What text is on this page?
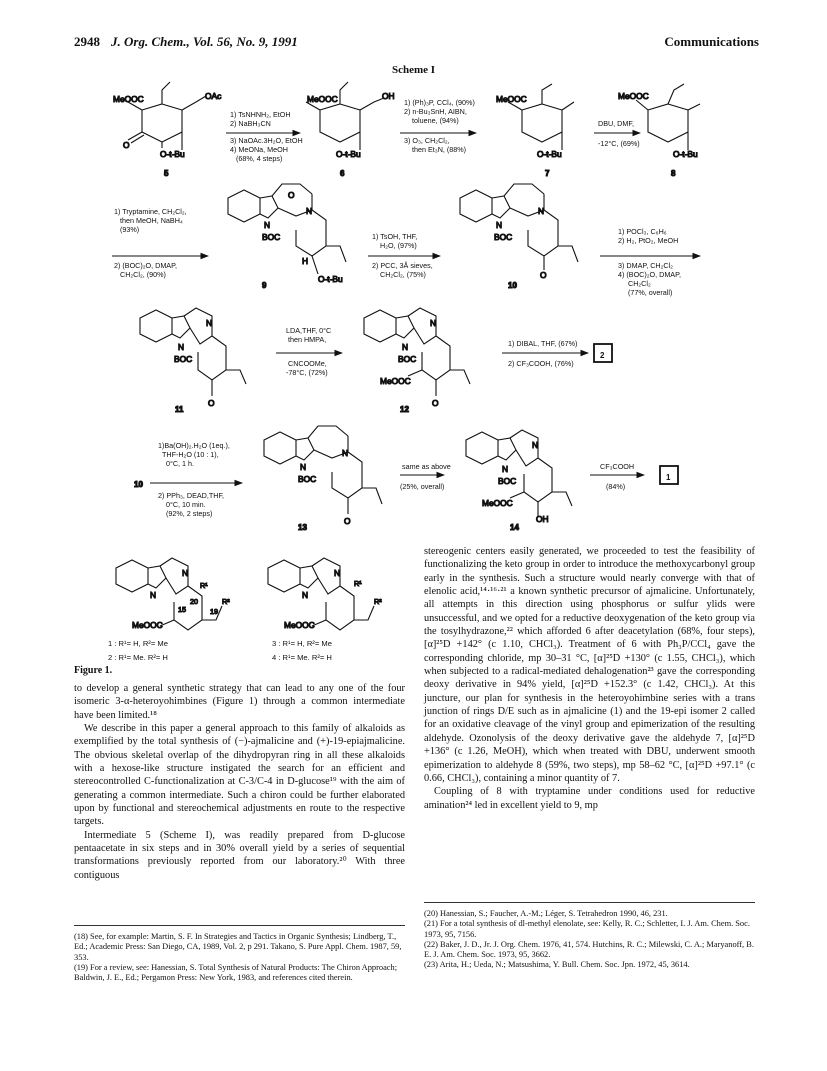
2948 J. Org. Chem., Vol. 56, No. 9, 1991	Communications
Scheme I
MeOOC	OAc
O
O-t-Bu
5
MeOOC	OH
O-t-Bu
6
MeOOC
O-t-Bu
7
MeOOC
O-t-Bu
8
N
BOC
N
O
H
O-t-Bu
9
N
BOC
N
O
10
N
BOC
N
O
11
N
BOC
N
MeOOC
O
12
10
N
BOC
N
O
13
N
BOC
N
MeOOC
OH
14
N
N
MeOOC
R¹
R²
15
20
19
N
N
MeOOC
R¹
R²
1) TsNHNH₂, EtOH
2) NaBH₃CN
3) NaOAc.3H₂O, EtOH
4) MeONa, MeOH
(68%, 4 steps)
1) (Ph)₃P, CCl₄, (90%)
2) n-Bu₃SnH, AIBN,
toluene, (94%)
3) O₃, CH₂Cl₂,
then Et₃N, (88%)
DBU, DMF,
-12°C, (69%)
1) Tryptamine, CH₂Cl₂,
then MeOH, NaBH₄
(93%)
2) (BOC)₂O, DMAP,
CH₂Cl₂, (90%)
1) TsOH, THF,
H₂O, (97%)
2) PCC, 3Å sieves,
CH₂Cl₂, (75%)
1) POCl₃, C₆H₆
2) H₂, PtO₂, MeOH
3) DMAP, CH₂Cl₂
4) (BOC)₂O, DMAP,
CH₂Cl₂
(77%, overall)
LDA,THF, 0°C
then HMPA,
CNCOOMe,
-78°C, (72%)
1) DIBAL, THF, (67%)
2) CF₃COOH, (76%)
1)Ba(OH)₂.H₂O (1eq.),
THF-H₂O (10 : 1),
0°C, 1 h.
2) PPh₃, DEAD,THF,
0°C, 10 min.
(92%, 2 steps)
same as above
(25%, overall)
CF₃COOH
(84%)
2
1
1 : R¹= H, R²= Me
2 : R¹= Me, R²= H
3 : R¹= H, R²= Me
4 : R¹= Me, R²= H
Figure 1.

to develop a general synthetic strategy that can lead to any one of the four isomeric 3-α-heteroyohimbines (Figure 1) through a common intermediate have been limited.¹⁸

We describe in this paper a general approach to this family of alkaloids as exemplified by the total synthesis of (−)-ajmalicine and (+)-19-epiajmalicine. The obvious skeletal overlap of the dihydropyran ring in all these alkaloids with a hexose-like structure instigated the search for an efficient and stereocontrolled C-functionalization at C-3/C-4 in D-glucose¹⁹ with the aim of generating a common intermediate. Such a chiron could be further elaborated upon by functional and stereochemical adjustments en route to the respective targets.

Intermediate 5 (Scheme I), was readily prepared from D-glucose pentaacetate in six steps and in 30% overall yield by a series of sequential transformations previously reported from our laboratory.²⁰ With three contiguous

stereogenic centers easily generated, we proceeded to test the feasibility of functionalizing the keto group in order to introduce the methoxycarbonyl group early in the synthesis. Such a structure would nearly converge with that of elenolic acid,¹⁴·¹⁶·²¹ a known synthetic precursor of ajmalicine. Unfortunately, all attempts in this direction using phosphorus or sulfur ylids were unsuccessful, and we opted for a reductive deoxygenation of the keto group via the tosylhydrazone,²² which afforded 6 after deacetylation (68%, four steps), [α]²⁵D +142° (c 1.10, CHCl₃). Treatment of 6 with Ph₃P/CCl₄ gave the corresponding chloride, mp 30–31 °C, [α]²⁵D +130° (c 1.55, CHCl₃), which when subjected to a radical-mediated dehalogenation²³ gave the corresponding deoxy derivative in 94% yield, [α]²⁵D +152.3° (c 1.42, CHCl₃). At this juncture, our plan for synthesis in the heteroyohimbine series with a trans junction of rings D/E such as in ajmalicine (1) and the 19-epi isomer 2 called for an oxidative cleavage of the vinyl group and epimerization of the resulting aldehyde. Ozonolysis of the deoxy derivative gave the aldehyde 7, [α]²⁵D +136° (c 1.26, MeOH), which when treated with DBU, underwent smooth epimerization to aldehyde 8 (59%, two steps), mp 58–62 °C, [α]²⁵D +97.1° (c 0.66, CHCl₃), containing a minor quantity of 7.

Coupling of 8 with tryptamine under conditions used for reductive amination²⁴ led in excellent yield to 9, mp

(18) See, for example: Martin, S. F. In Strategies and Tactics in Organic Synthesis; Lindberg, T., Ed.; Academic Press: San Diego, CA, 1989, Vol. 2, p 291. Takano, S. Pure Appl. Chem. 1987, 59, 353.

(19) For a review, see: Hanessian, S. Total Synthesis of Natural Products: The Chiron Approach; Baldwin, J. E., Ed.; Pergamon Press: New York, 1983, and references cited therein.

(20) Hanessian, S.; Faucher, A.-M.; Léger, S. Tetrahedron 1990, 46, 231.

(21) For a total synthesis of dl-methyl elenolate, see: Kelly, R. C.; Schletter, I. J. Am. Chem. Soc. 1973, 95, 7156.

(22) Baker, J. D., Jr. J. Org. Chem. 1976, 41, 574. Hutchins, R. C.; Milewski, C. A.; Maryanoff, B. E. J. Am. Chem. Soc. 1973, 95, 3662.

(23) Arita, H.; Ueda, N.; Matsushima, Y. Bull. Chem. Soc. Jpn. 1972, 45, 3614.
